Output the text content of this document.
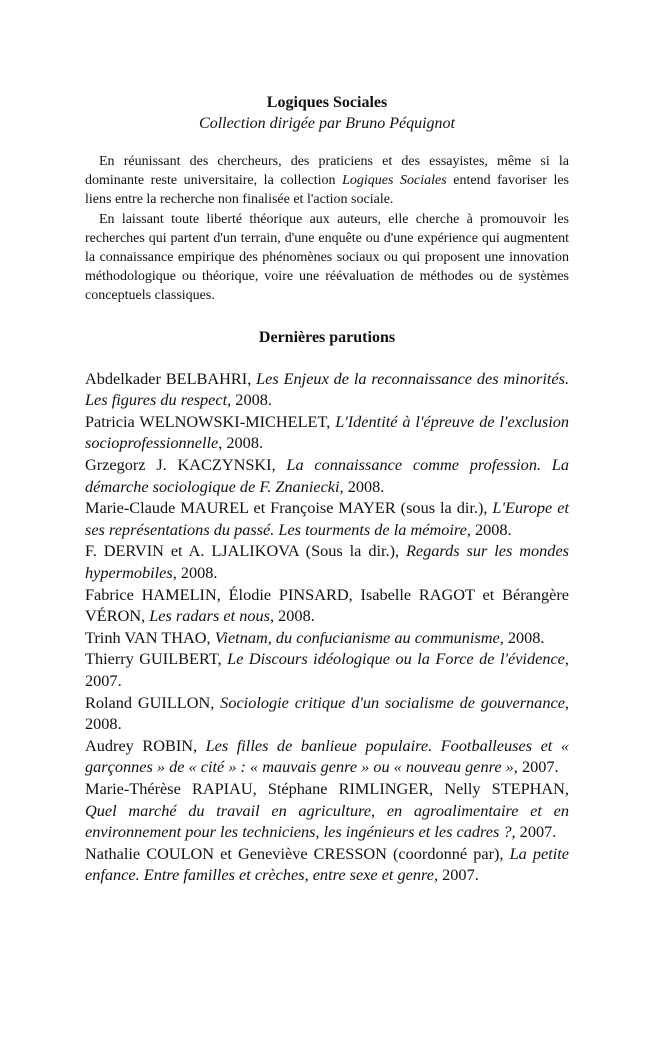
Logiques Sociales
Collection dirigée par Bruno Péquignot

En réunissant des chercheurs, des praticiens et des essayistes, même si la dominante reste universitaire, la collection Logiques Sociales entend favoriser les liens entre la recherche non finalisée et l'action sociale.

En laissant toute liberté théorique aux auteurs, elle cherche à promouvoir les recherches qui partent d'un terrain, d'une enquête ou d'une expérience qui augmentent la connaissance empirique des phénomènes sociaux ou qui proposent une innovation méthodologique ou théorique, voire une réévaluation de méthodes ou de systèmes conceptuels classiques.

Dernières parutions

Abdelkader BELBAHRI, Les Enjeux de la reconnaissance des minorités. Les figures du respect, 2008.

Patricia WELNOWSKI-MICHELET, L'Identité à l'épreuve de l'exclusion socioprofessionnelle, 2008.

Grzegorz J. KACZYNSKI, La connaissance comme profession. La démarche sociologique de F. Znaniecki, 2008.

Marie-Claude MAUREL et Françoise MAYER (sous la dir.), L'Europe et ses représentations du passé. Les tourments de la mémoire, 2008.

F. DERVIN et A. LJALIKOVA (Sous la dir.), Regards sur les mondes hypermobiles, 2008.

Fabrice HAMELIN, Élodie PINSARD, Isabelle RAGOT et Bérangère VÉRON, Les radars et nous, 2008.

Trinh VAN THAO, Vietnam, du confucianisme au communisme, 2008.

Thierry GUILBERT, Le Discours idéologique ou la Force de l'évidence, 2007.

Roland GUILLON, Sociologie critique d'un socialisme de gouvernance, 2008.

Audrey ROBIN, Les filles de banlieue populaire. Footballeuses et « garçonnes » de « cité » : « mauvais genre » ou « nouveau genre », 2007.

Marie-Thérèse RAPIAU, Stéphane RIMLINGER, Nelly STEPHAN, Quel marché du travail en agriculture, en agroalimentaire et en environnement pour les techniciens, les ingénieurs et les cadres ?, 2007.

Nathalie COULON et Geneviève CRESSON (coordonné par), La petite enfance. Entre familles et crèches, entre sexe et genre, 2007.
